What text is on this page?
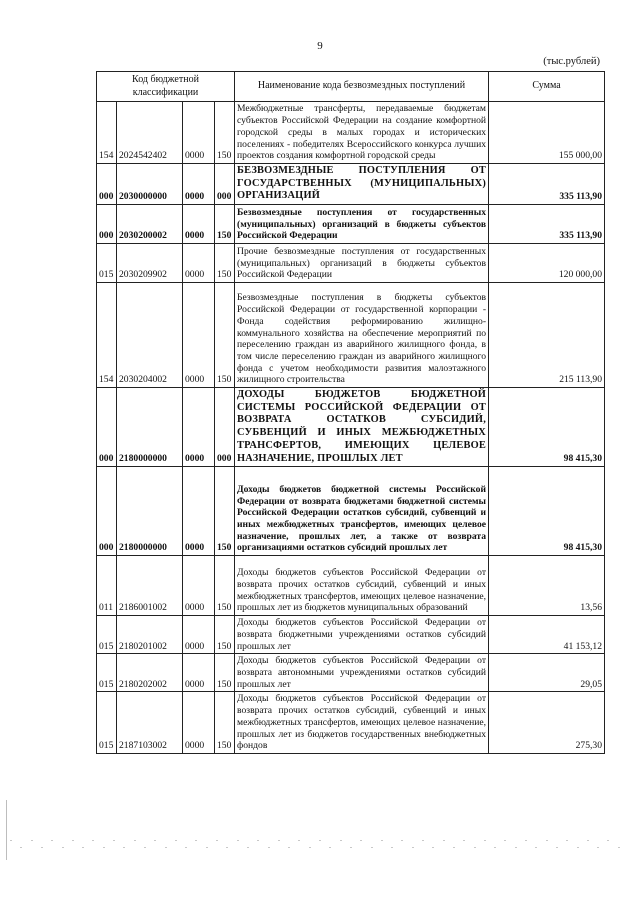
9
(тыс.рублей)
Код бюджетной классификации				Наименование кода безвозмездных поступлений	Сумма
154	2024542402	0000	150	Межбюджетные трансферты, передаваемые бюджетам субъектов Российской Федерации на создание комфортной городской среды в малых городах и исторических поселениях - победителях Всероссийского конкурса лучших проектов создания комфортной городской среды	155 000,00
000	2030000000	0000	000	БЕЗВОЗМЕЗДНЫЕ ПОСТУПЛЕНИЯ ОТ ГОСУДАРСТВЕННЫХ (МУНИЦИПАЛЬНЫХ) ОРГАНИЗАЦИЙ	335 113,90
000	2030200002	0000	150	Безвозмездные поступления от государственных (муниципальных) организаций в бюджеты субъектов Российской Федерации	335 113,90
015	2030209902	0000	150	Прочие безвозмездные поступления от государственных (муниципальных) организаций в бюджеты субъектов Российской Федерации	120 000,00
154	2030204002	0000	150	Безвозмездные поступления в бюджеты субъектов Российской Федерации от государственной корпорации - Фонда содействия реформированию жилищно-коммунального хозяйства на обеспечение мероприятий по переселению граждан из аварийного жилищного фонда, в том числе переселению граждан из аварийного жилищного фонда с учетом необходимости развития малоэтажного жилищного строительства	215 113,90
000	2180000000	0000	000	ДОХОДЫ БЮДЖЕТОВ БЮДЖЕТНОЙ СИСТЕМЫ РОССИЙСКОЙ ФЕДЕРАЦИИ ОТ ВОЗВРАТА ОСТАТКОВ СУБСИДИЙ, СУБВЕНЦИЙ И ИНЫХ МЕЖБЮДЖЕТНЫХ ТРАНСФЕРТОВ, ИМЕЮЩИХ ЦЕЛЕВОЕ НАЗНАЧЕНИЕ, ПРОШЛЫХ ЛЕТ	98 415,30
000	2180000000	0000	150	Доходы бюджетов бюджетной системы Российской Федерации от возврата бюджетами бюджетной системы Российской Федерации остатков субсидий, субвенций и иных межбюджетных трансфертов, имеющих целевое назначение, прошлых лет, а также от возврата организациями остатков субсидий прошлых лет	98 415,30
011	2186001002	0000	150	Доходы бюджетов субъектов Российской Федерации от возврата прочих остатков субсидий, субвенций и иных межбюджетных трансфертов, имеющих целевое назначение, прошлых лет из бюджетов муниципальных образований	13,56
015	2180201002	0000	150	Доходы бюджетов субъектов Российской Федерации от возврата бюджетными учреждениями остатков субсидий прошлых лет	41 153,12
015	2180202002	0000	150	Доходы бюджетов субъектов Российской Федерации от возврата автономными учреждениями остатков субсидий прошлых лет	29,05
015	2187103002	0000	150	Доходы бюджетов субъектов Российской Федерации от возврата прочих остатков субсидий, субвенций и иных межбюджетных трансфертов, имеющих целевое назначение, прошлых лет из бюджетов государственных внебюджетных фондов	275,30
